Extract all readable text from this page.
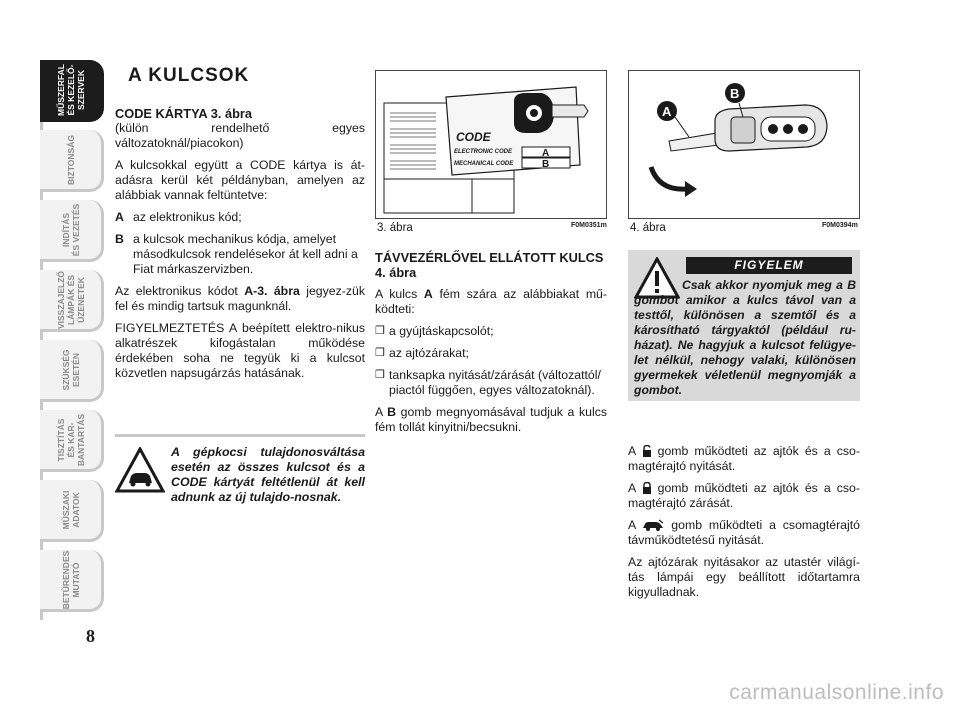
MŰSZERFAL
ÉS KEZELŐ-
SZERVEK
BIZTONSÁG
INDÍTÁS
ÉS VEZETÉS
VISSZAJELZŐ
LÁMPÁK ÉS
ÜZENETEK
SZÜKSÉG
ESETÉN
TISZTÍTÁS
ÉS KAR-
BANTARTÁS
MŰSZAKI
ADATOK
BETŰRENDES
MUTATÓ
8
A KULCSOK
CODE KÁRTYA 3. ábra

(külön rendelhető egyes változatoknál/piacokon)

A kulcsokkal együtt a CODE kártya is át-adásra kerül két példányban, amelyen az alábbiak vannak feltüntetve:

A az elektronikus kód;
B a kulcsok mechanikus kódja, amelyet másodkulcsok rendelésekor át kell adni a Fiat márkaszervizben.

Az elektronikus kódot A-3. ábra jegyez-zük fel és mindig tartsuk magunknál.

FIGYELMEZTETÉS A beépített elektro-nikus alkatrészek kifogástalan működése érdekében soha ne tegyük ki a kulcsot közvetlen napsugárzás hatásának.

A gépkocsi tulajdonosváltása esetén az összes kulcsot és a CODE kártyát feltétlenül át kell adnunk az új tulajdo-nosnak.
CODE
ELECTRONIC CODE
MECHANICAL CODE
A
B
3. ábra	F0M0351m
TÁVVEZÉRLŐVEL ELLÁTOTT KULCS 4. ábra

A kulcs A fém szára az alábbiakat mű-ködteti:

❒ a gyújtáskapcsolót;
❒ az ajtózárakat;
❒ tanksapka nyitását/zárását (változattól/ piactól függően, egyes változatoknál).

A B gomb megnyomásával tudjuk a kulcs fém tollát kinyitni/becsukni.

A
B
4. ábra	F0M0394m
FIGYELEM
Csak akkor nyomjuk meg a B gombot amikor a kulcs távol van a testtől, különösen a szemtől és a károsítható tárgyaktól (például ru-házat). Ne hagyjuk a kulcsot felügye-let nélkül, nehogy valaki, különösen gyermekek véletlenül megnyomják a gombot.

A gomb működteti az ajtók és a cso-magtérajtó nyitását.

A gomb működteti az ajtók és a cso-magtérajtó zárását.

A	gomb működteti a csomagtérajtó távműködtetésű nyitását.

Az ajtózárak nyitásakor az utastér világí-tás lámpái egy beállított időtartamra kigyulladnak.

carmanualsonline.info
